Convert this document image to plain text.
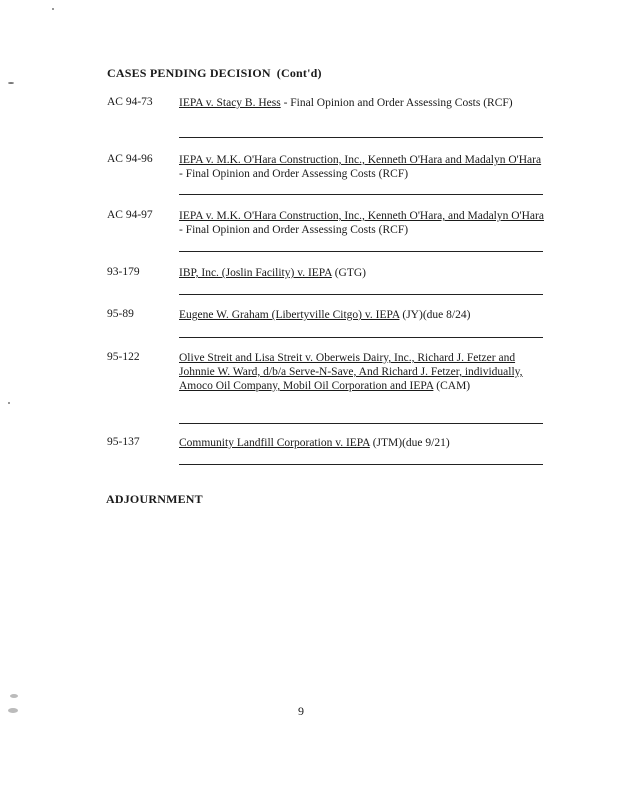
CASES PENDING DECISION (Cont'd)
AC 94-73 IEPA v. Stacy B. Hess - Final Opinion and Order Assessing Costs (RCF)
AC 94-96 IEPA v. M.K. O'Hara Construction, Inc., Kenneth O'Hara and Madalyn O'Hara - Final Opinion and Order Assessing Costs (RCF)
AC 94-97 IEPA v. M.K. O'Hara Construction, Inc., Kenneth O'Hara, and Madalyn O'Hara - Final Opinion and Order Assessing Costs (RCF)
93-179	IBP, Inc. (Joslin Facility) v. IEPA (GTG)
95-89	Eugene W. Graham (Libertyville Citgo) v. IEPA (JY)(due 8/24)
95-122	Olive Streit and Lisa Streit v. Oberweis Dairy, Inc., Richard J. Fetzer and Johnnie W. Ward, d/b/a Serve-N-Save, And Richard J. Fetzer, individually, Amoco Oil Company, Mobil Oil Corporation and IEPA (CAM)
95-137	Community Landfill Corporation v. IEPA (JTM)(due 9/21)
ADJOURNMENT
9
